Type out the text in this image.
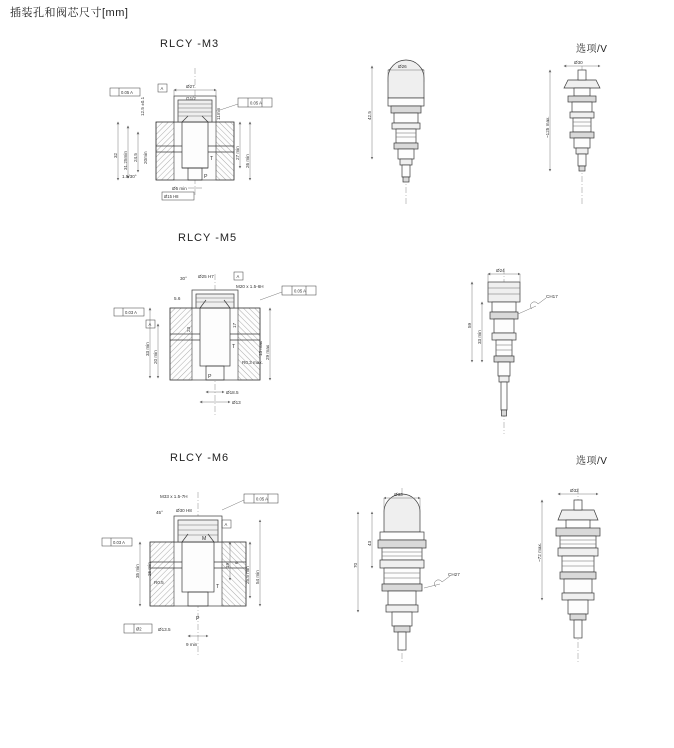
插装孔和阀芯尺寸[mm]
RLCY -M3	选项/V
RLCY -M5
RLCY -M6	选项/V
Ø27
G1/2
0.05 A
0.05 A
12.5 ±0.1	11min
27 min
26 min
32 31.25min 24.5 20min
1.5/30°
Ø5 min
Ø15 H8
T
P
A
Ø26
42.5
Ø30
~125 max.
30° Ø25 H7	A
M20 x 1.5-6H
0.05 A
0.03 A
5.6
23
17
R0.3 max.
20 min
33 min	29 max
13 max
Ø18.5
Ø13
T
P
A
Ø24
59
33 min
CH17
M33 x 1.5-7H
0.05 A
45°	Ø30 H8
A
0.03 A
R0.5
35 min 26 min	19
6
25.5 min 54 min
Ø2	Ø13.5
9 min
T
P
M
Ø33
43
70
CH27
Ø32
~72 max.
